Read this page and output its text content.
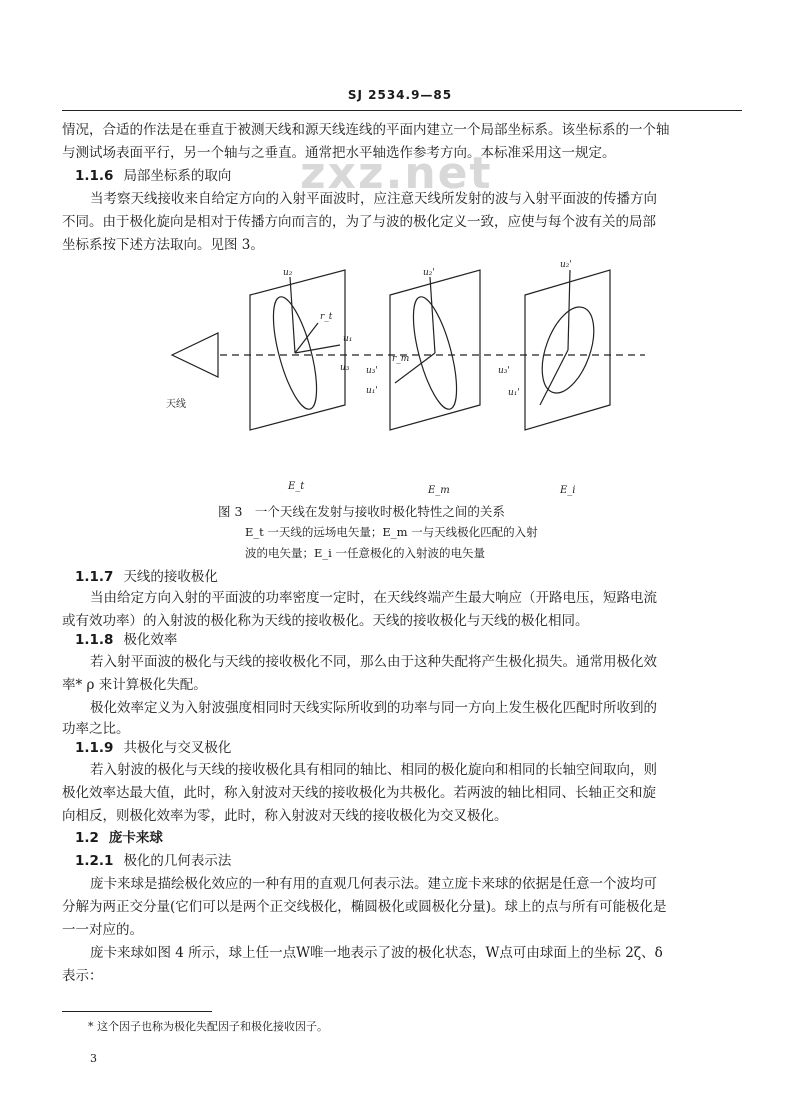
SJ 2534.9—85
zxz.net
情况，合适的作法是在垂直于被测天线和源天线连线的平面内建立一个局部坐标系。该坐标系的一个轴
与测试场表面平行，另一个轴与之垂直。通常把水平轴选作参考方向。本标准采用这一规定。
1.1.6 局部坐标系的取向
当考察天线接收来自给定方向的入射平面波时，应注意天线所发射的波与入射平面波的传播方向
不同。由于极化旋向是相对于传播方向而言的，为了与波的极化定义一致，应使与每个波有关的局部
坐标系按下述方法取向。见图 3。
u₂
u₁
u₃
r_t
u₂'
u₃'
u₁'
r_m
u₂'
u₃'
u₁'
天线
E_t	E_m	E_i
图 3　一个天线在发射与接收时极化特性之间的关系
E_t 一天线的远场电矢量；E_m 一与天线极化匹配的入射
波的电矢量；E_i 一任意极化的入射波的电矢量
1.1.7 天线的接收极化
当由给定方向入射的平面波的功率密度一定时，在天线终端产生最大响应（开路电压，短路电流
或有效功率）的入射波的极化称为天线的接收极化。天线的接收极化与天线的极化相同。
1.1.8 极化效率
若入射平面波的极化与天线的接收极化不同，那么由于这种失配将产生极化损失。通常用极化效
率* ρ 来计算极化失配。
极化效率定义为入射波强度相同时天线实际所收到的功率与同一方向上发生极化匹配时所收到的
功率之比。
1.1.9 共极化与交叉极化
若入射波的极化与天线的接收极化具有相同的轴比、相同的极化旋向和相同的长轴空间取向，则
极化效率达最大值，此时，称入射波对天线的接收极化为共极化。若两波的轴比相同、长轴正交和旋
向相反，则极化效率为零，此时，称入射波对天线的接收极化为交叉极化。
1.2 庞卡来球
1.2.1 极化的几何表示法
庞卡来球是描绘极化效应的一种有用的直观几何表示法。建立庞卡来球的依据是任意一个波均可
分解为两正交分量(它们可以是两个正交线极化，椭圆极化或圆极化分量)。球上的点与所有可能极化是
一一对应的。
庞卡来球如图 4 所示，球上任一点W唯一地表示了波的极化状态，W点可由球面上的坐标 2ζ、δ
表示：
* 这个因子也称为极化失配因子和极化接收因子。
3
